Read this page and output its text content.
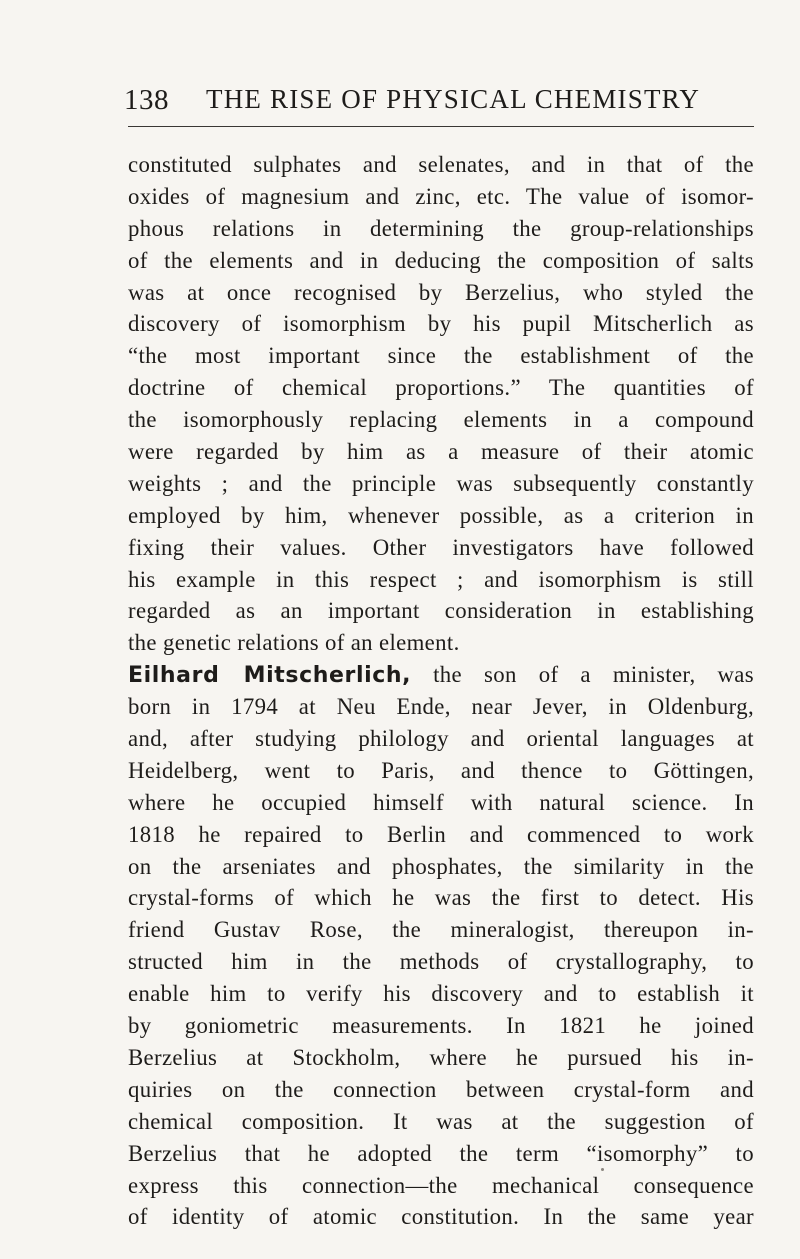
138 THE RISE OF PHYSICAL CHEMISTRY
constituted sulphates and selenates, and in that of the
oxides of magnesium and zinc, etc. The value of isomor-
phous relations in determining the group-relationships
of the elements and in deducing the composition of salts
was at once recognised by Berzelius, who styled the
discovery of isomorphism by his pupil Mitscherlich as
“the most important since the establishment of the
doctrine of chemical proportions.” The quantities of
the isomorphously replacing elements in a compound
were regarded by him as a measure of their atomic
weights ; and the principle was subsequently constantly
employed by him, whenever possible, as a criterion in
fixing their values. Other investigators have followed
his example in this respect ; and isomorphism is still
regarded as an important consideration in establishing
the genetic relations of an element.
Eilhard Mitscherlich, the son of a minister, was
born in 1794 at Neu Ende, near Jever, in Oldenburg,
and, after studying philology and oriental languages at
Heidelberg, went to Paris, and thence to Göttingen,
where he occupied himself with natural science. In
1818 he repaired to Berlin and commenced to work
on the arseniates and phosphates, the similarity in the
crystal-forms of which he was the first to detect. His
friend Gustav Rose, the mineralogist, thereupon in-
structed him in the methods of crystallography, to
enable him to verify his discovery and to establish it
by goniometric measurements. In 1821 he joined
Berzelius at Stockholm, where he pursued his in-
quiries on the connection between crystal-form and
chemical composition. It was at the suggestion of
Berzelius that he adopted the term “isomorphy” to
express this connection—the mechanical consequence
of identity of atomic constitution. In the same year
